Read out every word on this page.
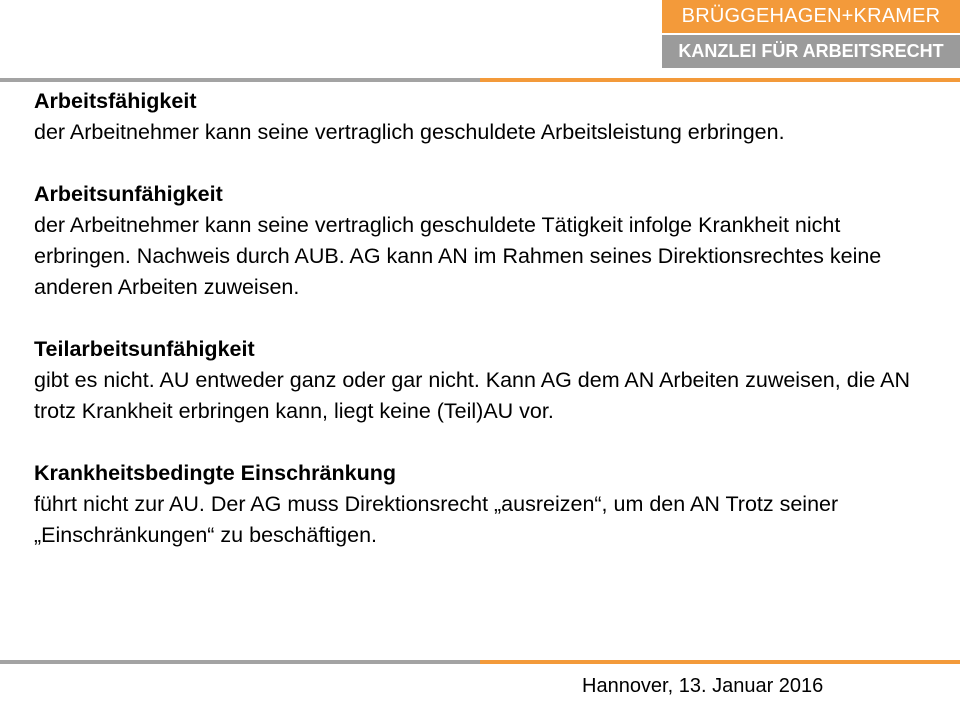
BRÜGGEHAGEN+KRAMER
KANZLEI FÜR ARBEITSRECHT
Arbeitsfähigkeit
der Arbeitnehmer kann seine vertraglich geschuldete Arbeitsleistung erbringen.
Arbeitsunfähigkeit
der Arbeitnehmer kann seine vertraglich geschuldete Tätigkeit infolge Krankheit nicht erbringen. Nachweis durch AUB. AG kann AN im Rahmen seines Direktionsrechtes keine anderen Arbeiten zuweisen.
Teilarbeitsunfähigkeit
gibt es nicht. AU entweder ganz oder gar nicht. Kann AG dem AN Arbeiten zuweisen, die AN trotz Krankheit erbringen kann, liegt keine (Teil)AU vor.
Krankheitsbedingte Einschränkung
führt nicht zur AU. Der AG muss Direktionsrecht „ausreizen“, um den AN Trotz seiner „Einschränkungen“ zu beschäftigen.
Hannover, 13. Januar 2016
